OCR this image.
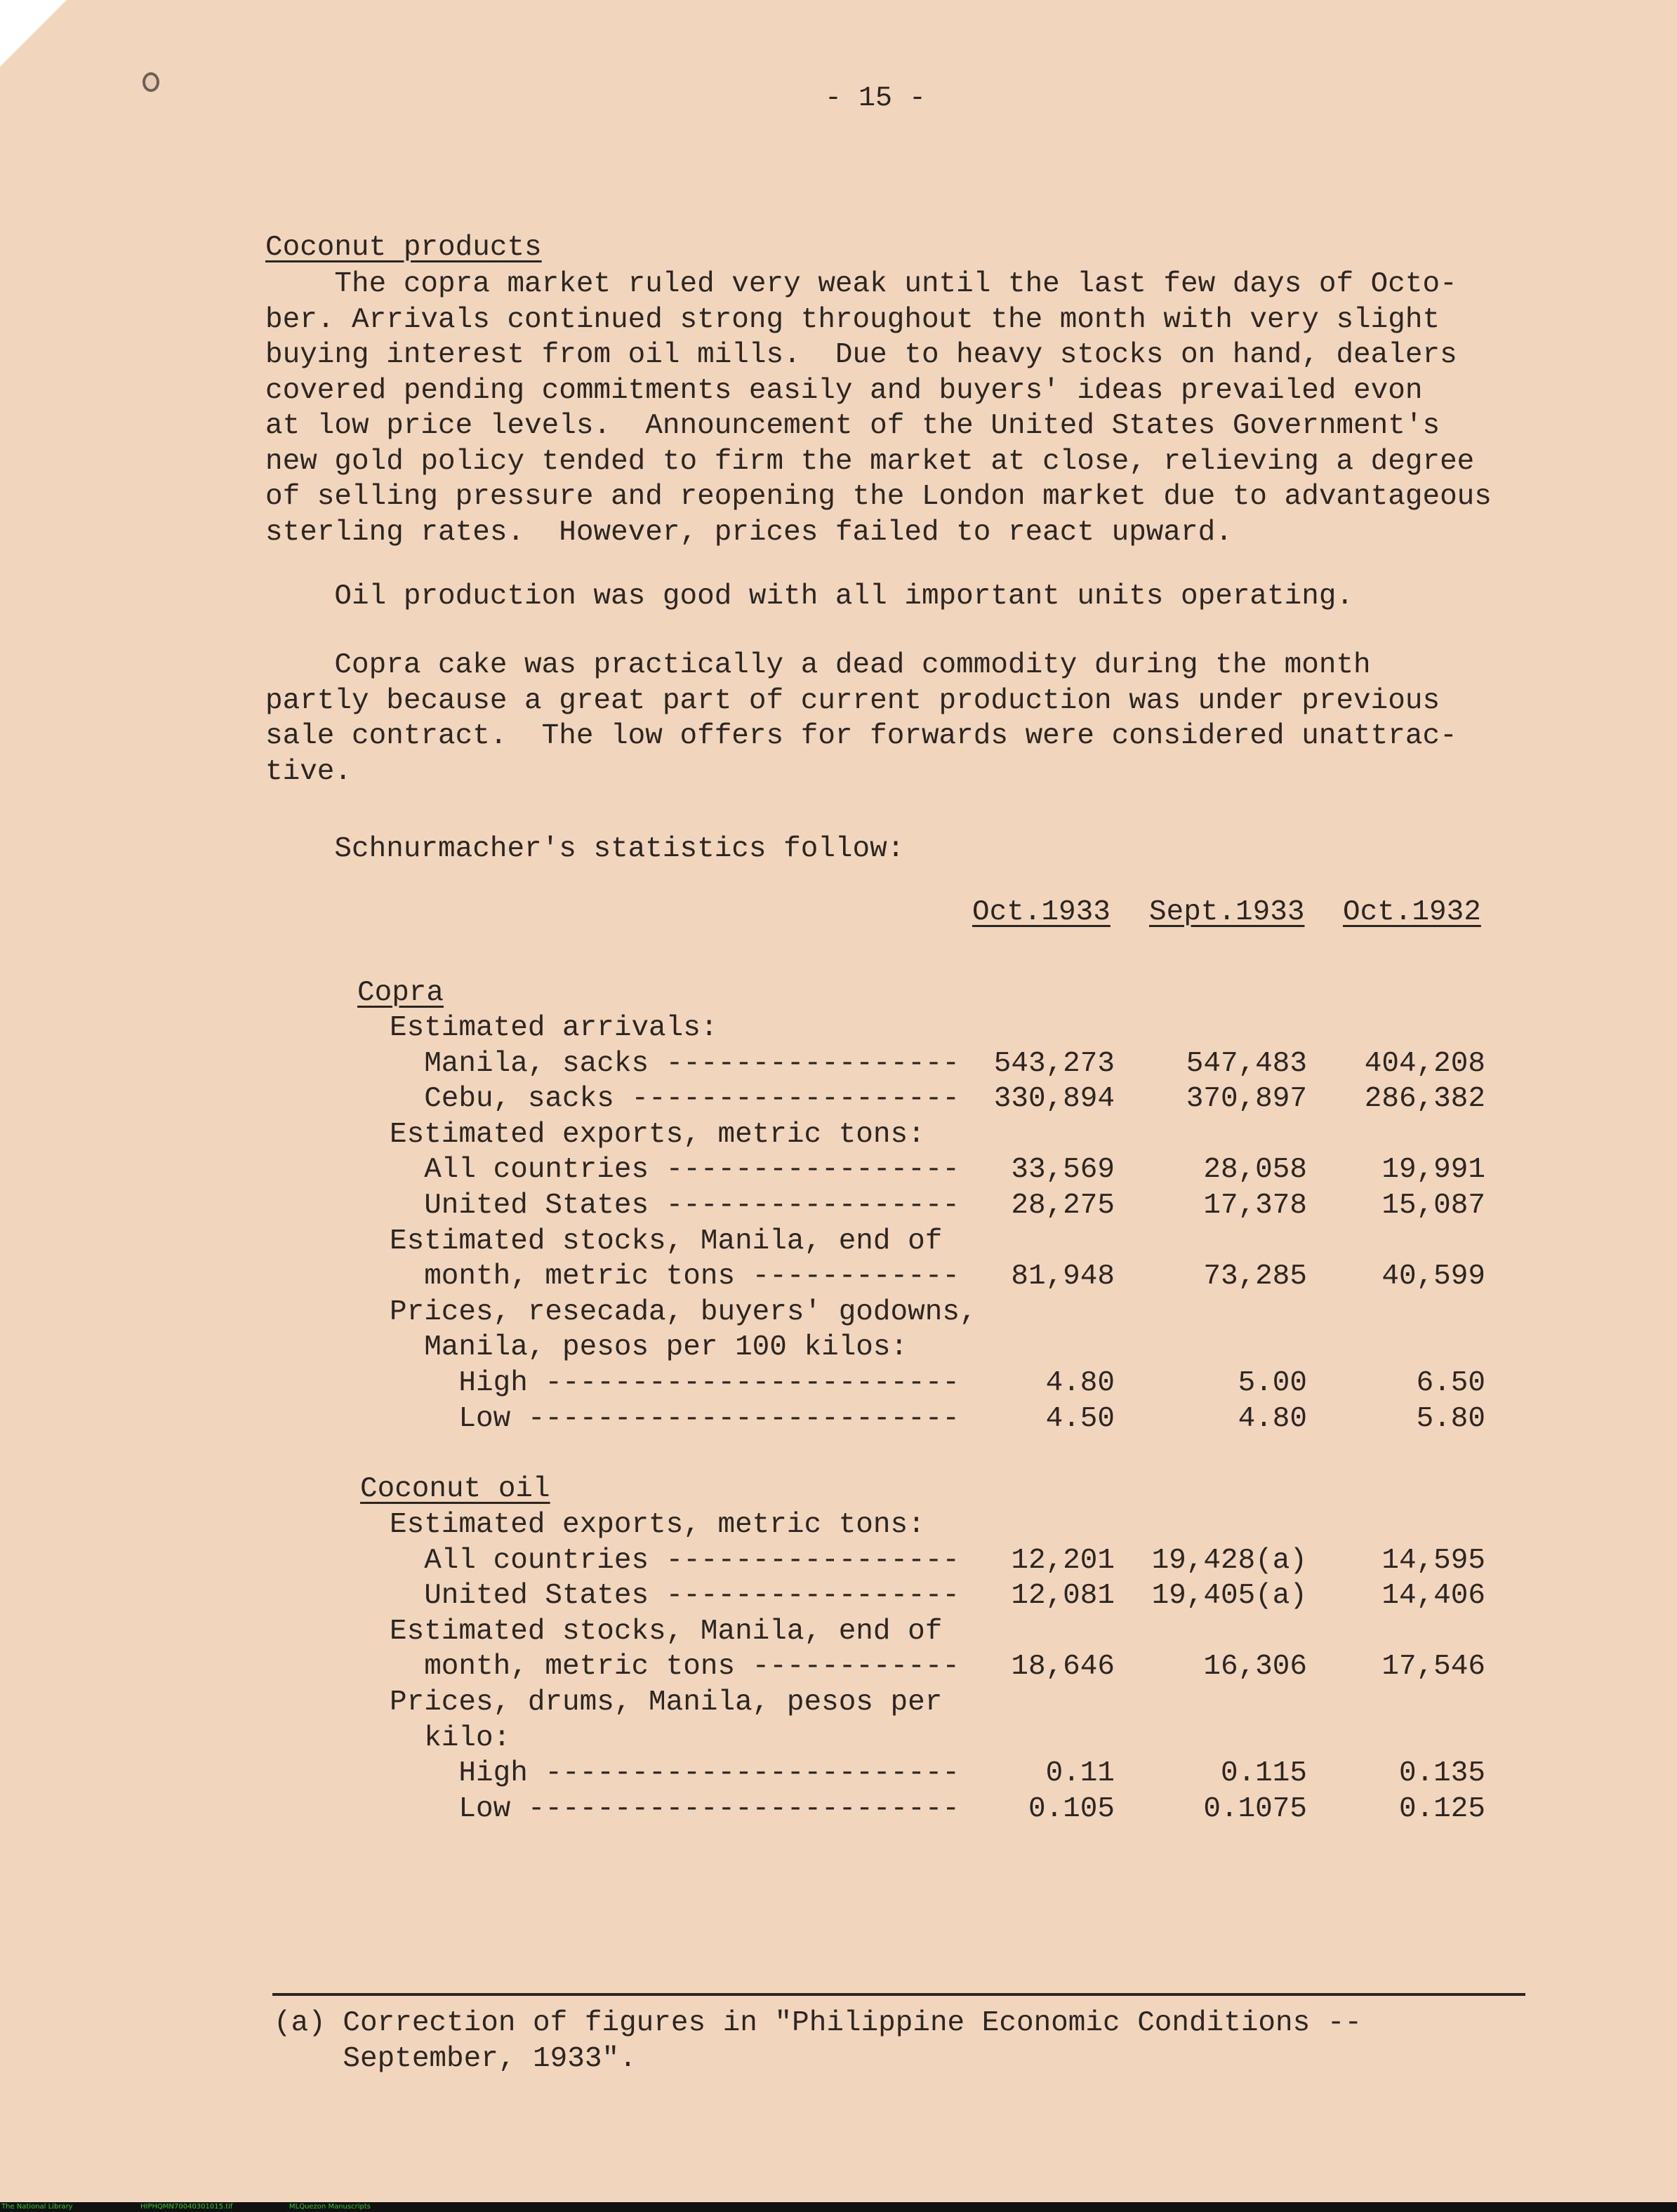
- 15 -
Coconut products
The copra market ruled very weak until the last few days of Octo-
ber. Arrivals continued strong throughout the month with very slight
buying interest from oil mills.  Due to heavy stocks on hand, dealers
covered pending commitments easily and buyers' ideas prevailed evon
at low price levels.  Announcement of the United States Government's
new gold policy tended to firm the market at close, relieving a degree
of selling pressure and reopening the London market due to advantageous
sterling rates.  However, prices failed to react upward.
Oil production was good with all important units operating.
Copra cake was practically a dead commodity during the month
partly because a great part of current production was under previous
sale contract.  The low offers for forwards were considered unattrac-
tive.
Schnurmacher's statistics follow:
Oct.1933 Sept.1933 Oct.1932
Copra
Estimated arrivals:
Manila, sacks ----------------- 543,273 547,483 404,208
Cebu, sacks ------------------- 330,894 370,897 286,382
Estimated exports, metric tons:
All countries ----------------- 33,569	28,058	19,991
United States ----------------- 28,275	17,378	15,087
Estimated stocks, Manila, end of
month, metric tons ------------ 81,948	73,285	40,599
Prices, resecada, buyers' godowns,
Manila, pesos per 100 kilos:
High ------------------------	4.80	5.00	6.50
Low -------------------------	4.50	4.80	5.80
Coconut oil
Estimated exports, metric tons:
All countries ----------------- 12,201 19,428(a)	14,595
United States ----------------- 12,081 19,405(a)	14,406
Estimated stocks, Manila, end of
month, metric tons ------------ 18,646	16,306	17,546
Prices, drums, Manila, pesos per
kilo:
High ------------------------	0.11	0.115	0.135
Low ------------------------- 0.105	0.1075	0.125
(a) Correction of figures in "Philippine Economic Conditions --
September, 1933".
The National Library	HIPHQMN70040301015.tif	MLQuezon Manuscripts
